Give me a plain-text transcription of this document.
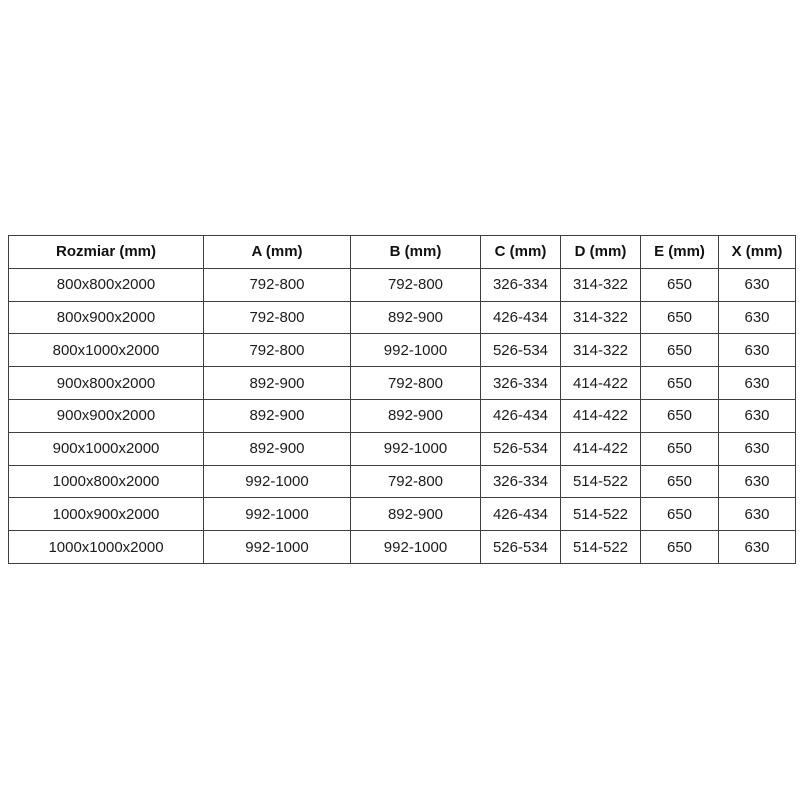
Rozmiar (mm)	A (mm)	B (mm)	C (mm)	D (mm)	E (mm)	X (mm)
800x800x2000	792-800	792-800	326-334	314-322	650	630
800x900x2000	792-800	892-900	426-434	314-322	650	630
800x1000x2000	792-800	992-1000	526-534	314-322	650	630
900x800x2000	892-900	792-800	326-334	414-422	650	630
900x900x2000	892-900	892-900	426-434	414-422	650	630
900x1000x2000	892-900	992-1000	526-534	414-422	650	630
1000x800x2000	992-1000	792-800	326-334	514-522	650	630
1000x900x2000	992-1000	892-900	426-434	514-522	650	630
1000x1000x2000	992-1000	992-1000	526-534	514-522	650	630
